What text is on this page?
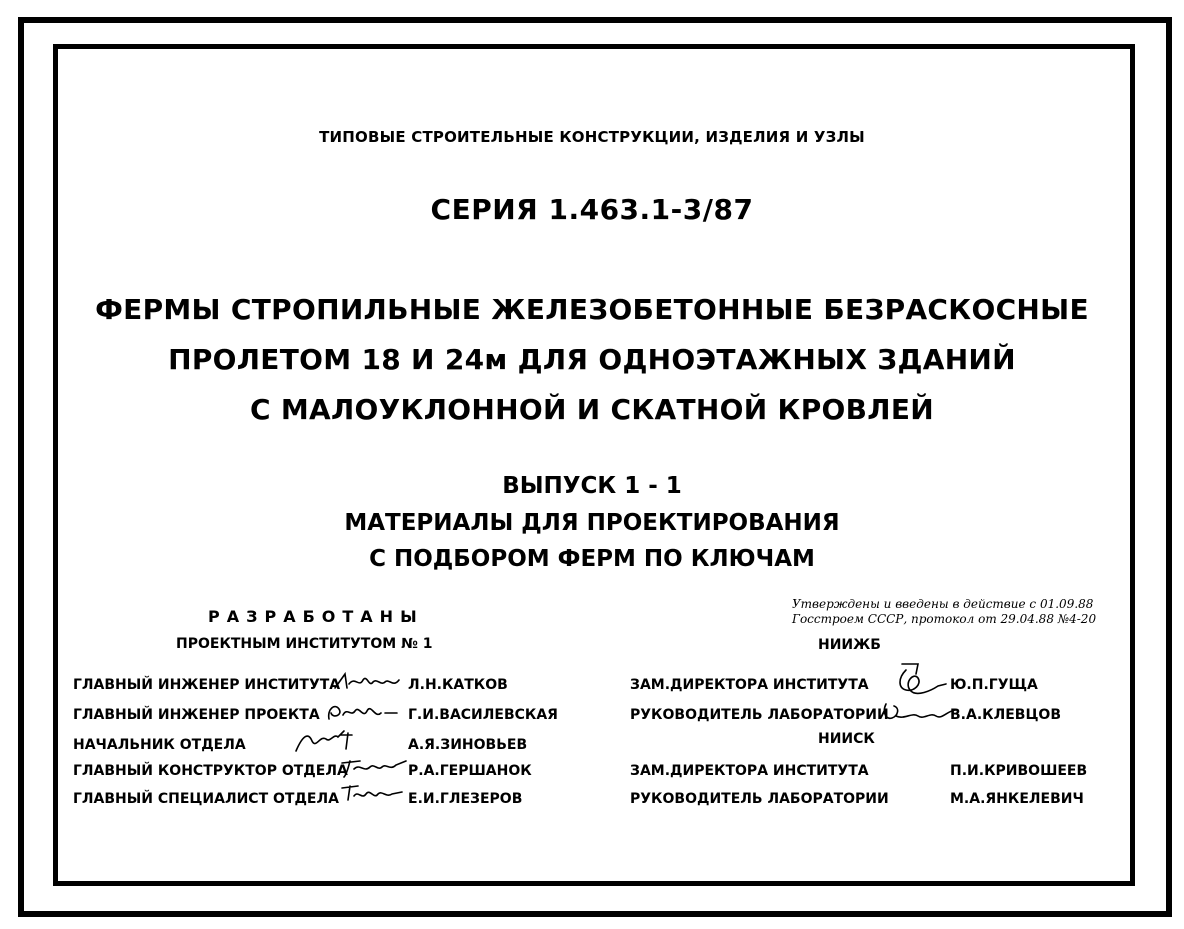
ТИПОВЫЕ СТРОИТЕЛЬНЫЕ КОНСТРУКЦИИ, ИЗДЕЛИЯ И УЗЛЫ
СЕРИЯ 1.463.1-3/87
ФЕРМЫ СТРОПИЛЬНЫЕ ЖЕЛЕЗОБЕТОННЫЕ БЕЗРАСКОСНЫЕ
ПРОЛЕТОМ 18 И 24м ДЛЯ ОДНОЭТАЖНЫХ ЗДАНИЙ
С МАЛОУКЛОННОЙ И СКАТНОЙ КРОВЛЕЙ
ВЫПУСК 1 - 1
МАТЕРИАЛЫ ДЛЯ ПРОЕКТИРОВАНИЯ
С ПОДБОРОМ ФЕРМ ПО КЛЮЧАМ
РАЗРАБОТАНЫ
ПРОЕКТНЫМ ИНСТИТУТОМ № 1
ГЛАВНЫЙ ИНЖЕНЕР ИНСТИТУТА	Л.Н.КАТКОВ
ГЛАВНЫЙ ИНЖЕНЕР ПРОЕКТА	Г.И.ВАСИЛЕВСКАЯ
НАЧАЛЬНИК ОТДЕЛА	А.Я.ЗИНОВЬЕВ
ГЛАВНЫЙ КОНСТРУКТОР ОТДЕЛА	Р.А.ГЕРШАНОК
ГЛАВНЫЙ СПЕЦИАЛИСТ ОТДЕЛА	Е.И.ГЛЕЗЕРОВ
Утверждены и введены в действие с 01.09.88
Госстроем СССР, протокол от 29.04.88 №4-20
НИИЖБ
ЗАМ.ДИРЕКТОРА ИНСТИТУТА	Ю.П.ГУЩА
РУКОВОДИТЕЛЬ ЛАБОРАТОРИИ	В.А.КЛЕВЦОВ
НИИСК
ЗАМ.ДИРЕКТОРА ИНСТИТУТА	П.И.КРИВОШЕЕВ
РУКОВОДИТЕЛЬ ЛАБОРАТОРИИ	М.А.ЯНКЕЛЕВИЧ
